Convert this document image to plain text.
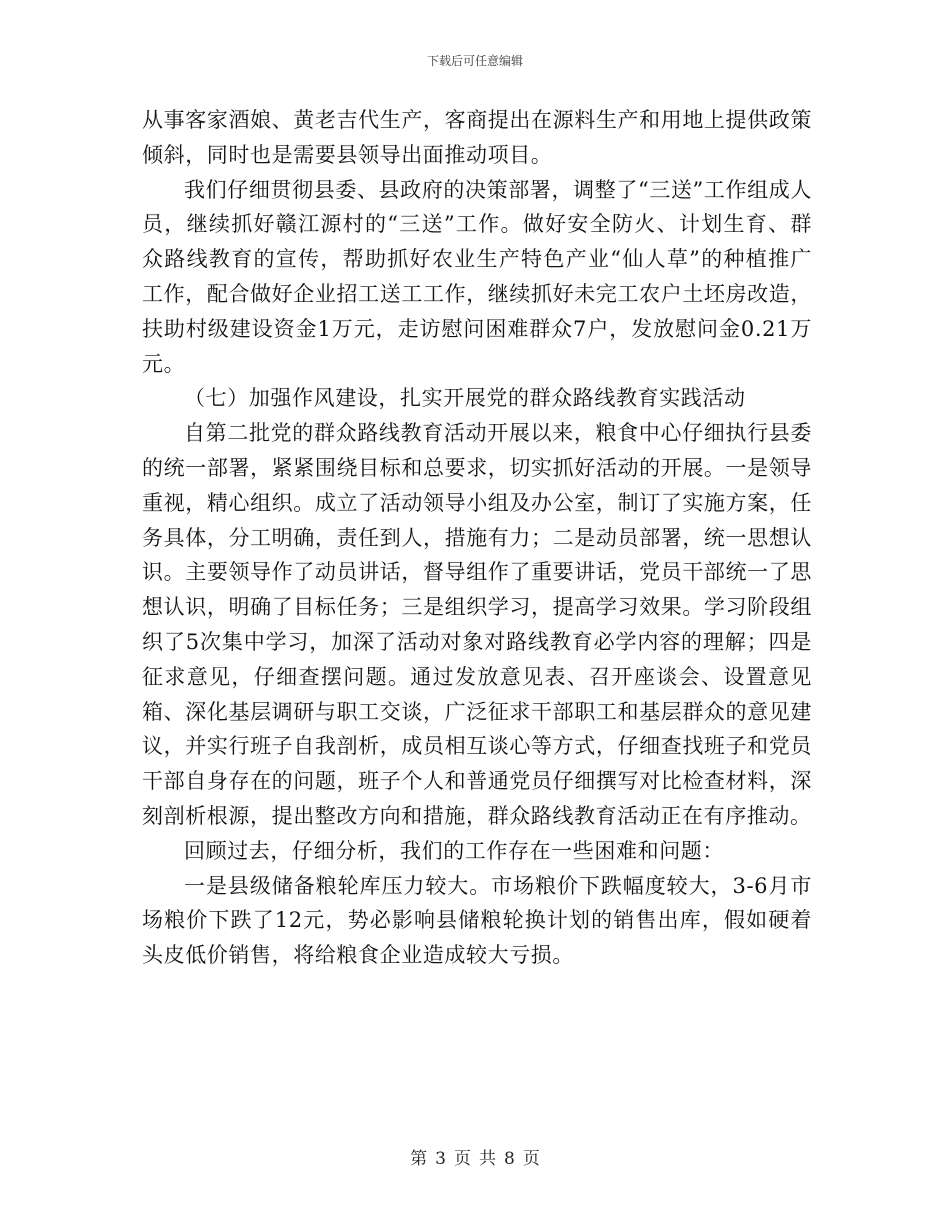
下载后可任意编辑

从事客家酒娘、黄老吉代生产，客商提出在源料生产和用地上提供政策倾斜，同时也是需要县领导出面推动项目。

我们仔细贯彻县委、县政府的决策部署，调整了“三送”工作组成人员，继续抓好赣江源村的“三送”工作。做好安全防火、计划生育、群众路线教育的宣传，帮助抓好农业生产特色产业“仙人草”的种植推广工作，配合做好企业招工送工工作，继续抓好未完工农户土坯房改造，扶助村级建设资金1万元，走访慰问困难群众7户，发放慰问金0.21万元。

（七）加强作风建设，扎实开展党的群众路线教育实践活动

自第二批党的群众路线教育活动开展以来，粮食中心仔细执行县委的统一部署，紧紧围绕目标和总要求，切实抓好活动的开展。一是领导重视，精心组织。成立了活动领导小组及办公室，制订了实施方案，任务具体，分工明确，责任到人，措施有力；二是动员部署，统一思想认识。主要领导作了动员讲话，督导组作了重要讲话，党员干部统一了思想认识，明确了目标任务；三是组织学习，提高学习效果。学习阶段组织了5次集中学习，加深了活动对象对路线教育必学内容的理解；四是征求意见，仔细查摆问题。通过发放意见表、召开座谈会、设置意见箱、深化基层调研与职工交谈，广泛征求干部职工和基层群众的意见建议，并实行班子自我剖析，成员相互谈心等方式，仔细查找班子和党员干部自身存在的问题，班子个人和普通党员仔细撰写对比检查材料，深刻剖析根源，提出整改方向和措施，群众路线教育活动正在有序推动。

回顾过去，仔细分析，我们的工作存在一些困难和问题：

一是县级储备粮轮库压力较大。市场粮价下跌幅度较大，3-6月市场粮价下跌了12元，势必影响县储粮轮换计划的销售出库，假如硬着头皮低价销售，将给粮食企业造成较大亏损。

第 3 页 共 8 页
